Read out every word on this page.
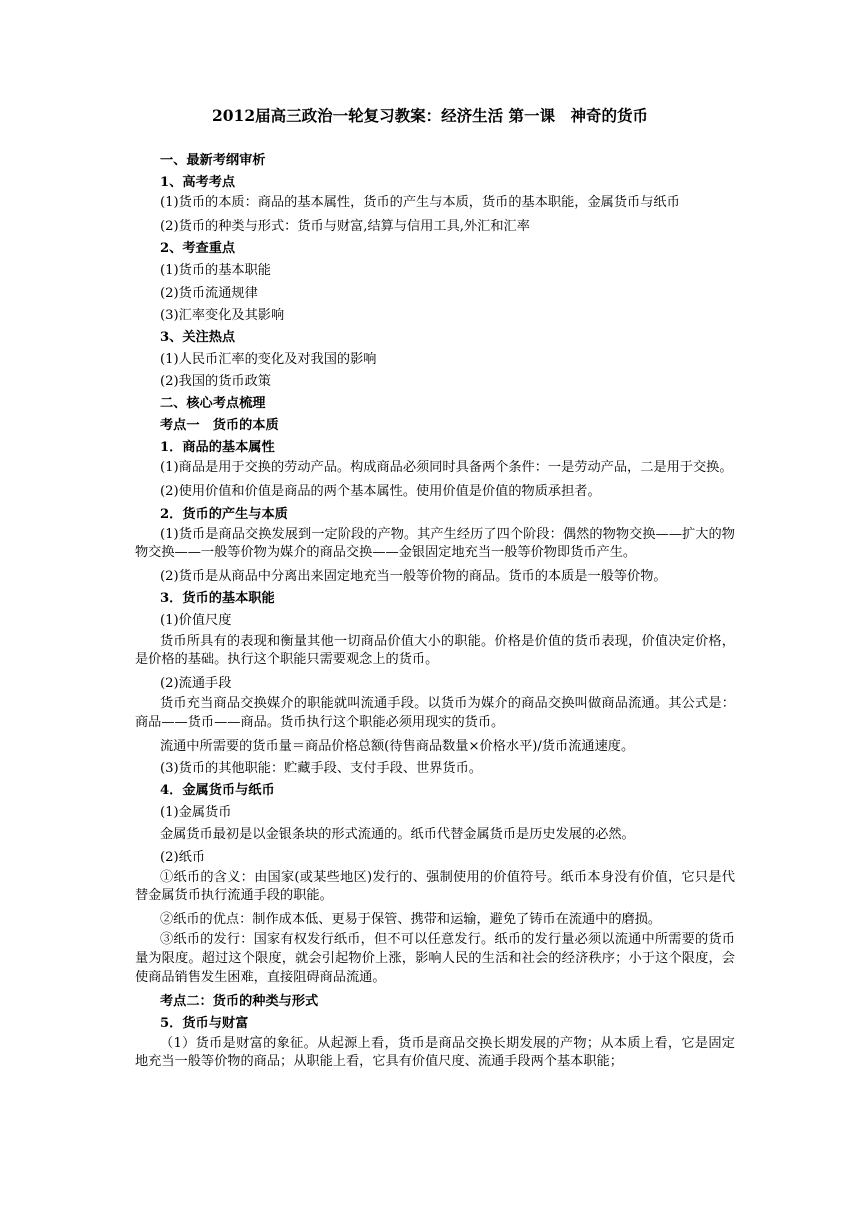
2012届高三政治一轮复习教案：经济生活 第一课　神奇的货币
一、最新考纲审析
1、高考考点
(1)货币的本质：商品的基本属性，货币的产生与本质，货币的基本职能，金属货币与纸币
(2)货币的种类与形式：货币与财富,结算与信用工具,外汇和汇率
2、考查重点
(1)货币的基本职能
(2)货币流通规律
(3)汇率变化及其影响
3、关注热点
(1)人民币汇率的变化及对我国的影响
(2)我国的货币政策
二、核心考点梳理
考点一　货币的本质
1．商品的基本属性
(1)商品是用于交换的劳动产品。构成商品必须同时具备两个条件：一是劳动产品，二是用于交换。
(2)使用价值和价值是商品的两个基本属性。使用价值是价值的物质承担者。
2．货币的产生与本质
(1)货币是商品交换发展到一定阶段的产物。其产生经历了四个阶段：偶然的物物交换——扩大的物物交换——一般等价物为媒介的商品交换——金银固定地充当一般等价物即货币产生。
(2)货币是从商品中分离出来固定地充当一般等价物的商品。货币的本质是一般等价物。
3．货币的基本职能
(1)价值尺度
货币所具有的表现和衡量其他一切商品价值大小的职能。价格是价值的货币表现，价值决定价格，是价格的基础。执行这个职能只需要观念上的货币。
(2)流通手段
货币充当商品交换媒介的职能就叫流通手段。以货币为媒介的商品交换叫做商品流通。其公式是：商品——货币——商品。货币执行这个职能必须用现实的货币。
流通中所需要的货币量＝商品价格总额(待售商品数量×价格水平)/货币流通速度。
(3)货币的其他职能：贮藏手段、支付手段、世界货币。
4．金属货币与纸币
(1)金属货币
金属货币最初是以金银条块的形式流通的。纸币代替金属货币是历史发展的必然。
(2)纸币
①纸币的含义：由国家(或某些地区)发行的、强制使用的价值符号。纸币本身没有价值，它只是代替金属货币执行流通手段的职能。
②纸币的优点：制作成本低、更易于保管、携带和运输，避免了铸币在流通中的磨损。
③纸币的发行：国家有权发行纸币，但不可以任意发行。纸币的发行量必须以流通中所需要的货币量为限度。超过这个限度，就会引起物价上涨，影响人民的生活和社会的经济秩序；小于这个限度，会使商品销售发生困难，直接阻碍商品流通。
考点二：货币的种类与形式
5．货币与财富
（1）货币是财富的象征。从起源上看，货币是商品交换长期发展的产物；从本质上看，它是固定地充当一般等价物的商品；从职能上看，它具有价值尺度、流通手段两个基本职能；
